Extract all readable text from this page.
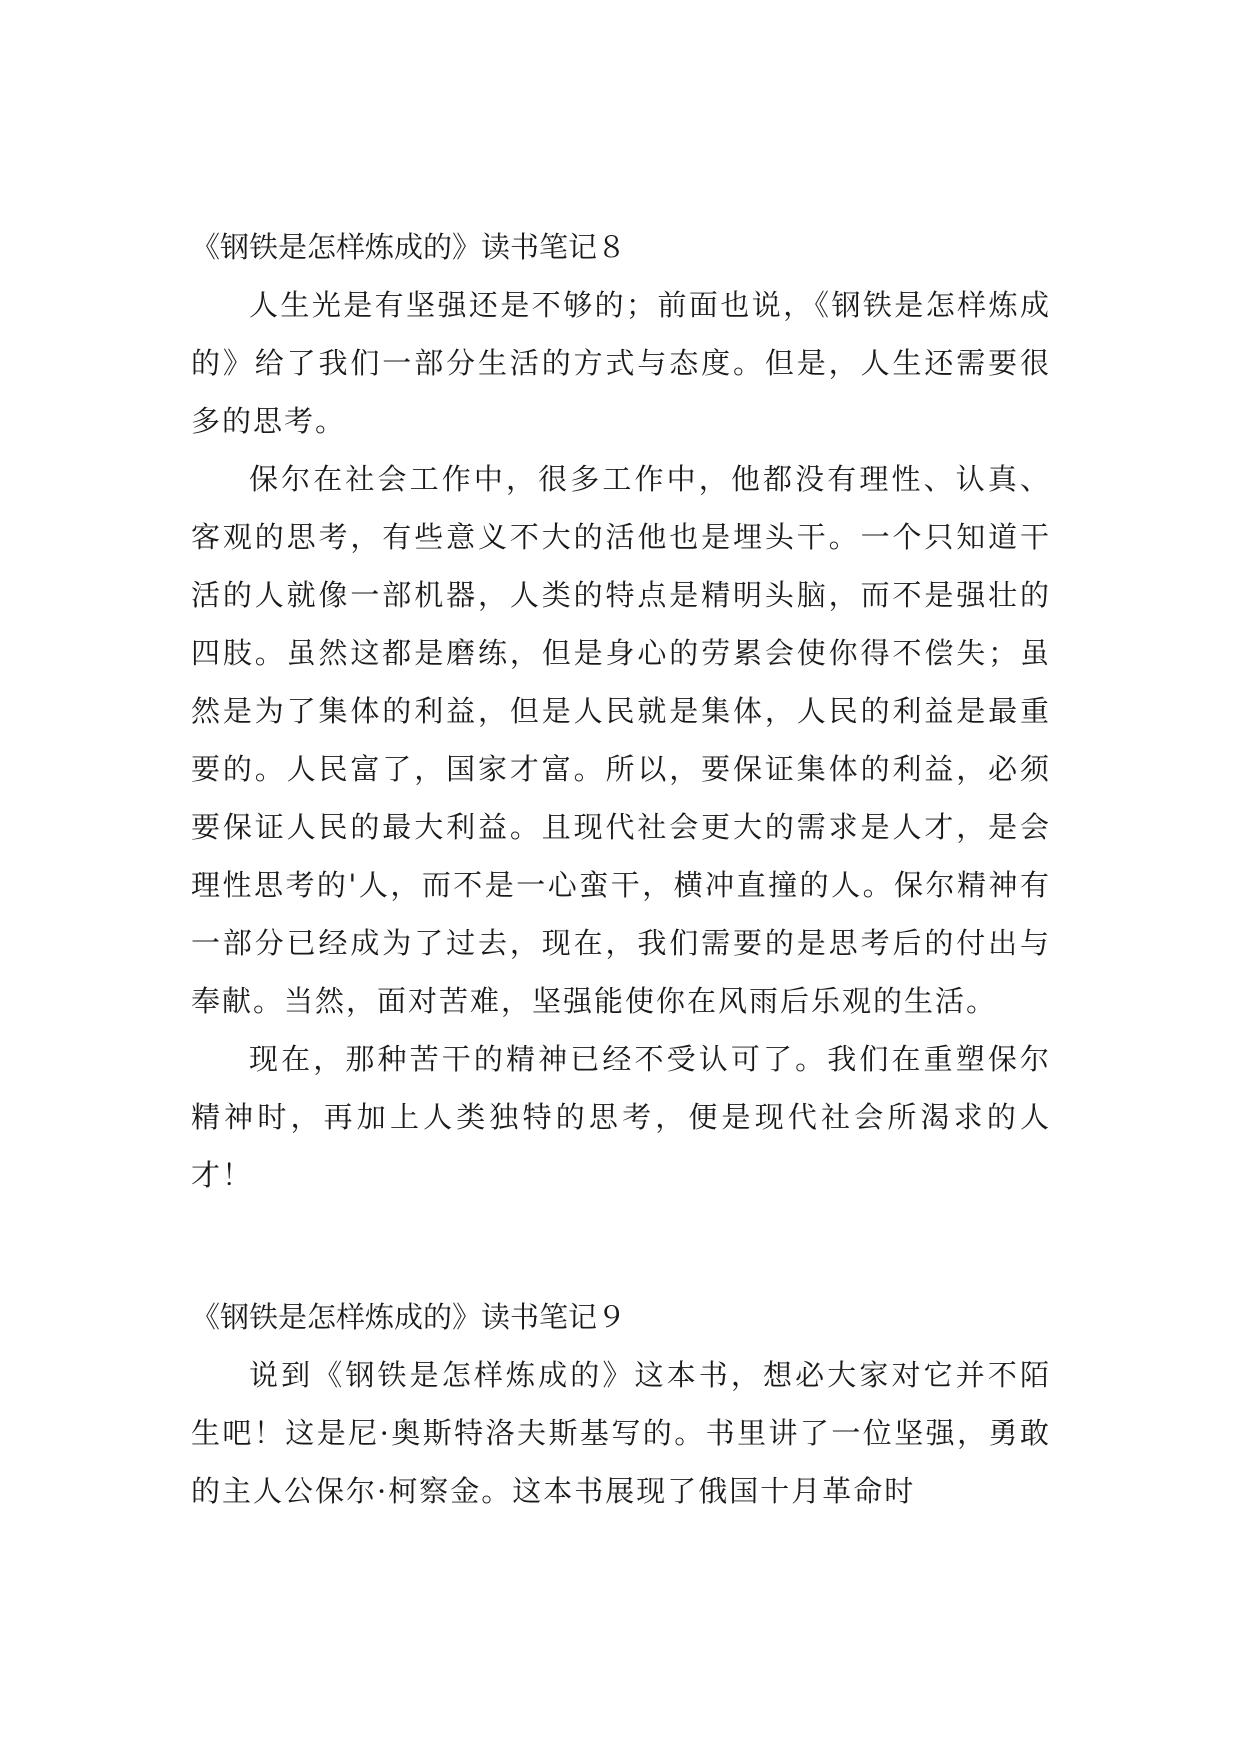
《钢铁是怎样炼成的》读书笔记８

人生光是有坚强还是不够的；前面也说，《钢铁是怎样炼成的》给了我们一部分生活的方式与态度。但是，人生还需要很多的思考。

保尔在社会工作中，很多工作中，他都没有理性、认真、客观的思考，有些意义不大的活他也是埋头干。一个只知道干活的人就像一部机器，人类的特点是精明头脑，而不是强壮的四肢。虽然这都是磨练，但是身心的劳累会使你得不偿失；虽然是为了集体的利益，但是人民就是集体，人民的利益是最重要的。人民富了，国家才富。所以，要保证集体的利益，必须要保证人民的最大利益。且现代社会更大的需求是人才，是会理性思考的'人，而不是一心蛮干，横冲直撞的人。保尔精神有一部分已经成为了过去，现在，我们需要的是思考后的付出与奉献。当然，面对苦难，坚强能使你在风雨后乐观的生活。

现在，那种苦干的精神已经不受认可了。我们在重塑保尔精神时，再加上人类独特的思考，便是现代社会所渴求的人才！

《钢铁是怎样炼成的》读书笔记９

说到《钢铁是怎样炼成的》这本书，想必大家对它并不陌生吧！这是尼·奥斯特洛夫斯基写的。书里讲了一位坚强，勇敢的主人公保尔·柯察金。这本书展现了俄国十月革命时
